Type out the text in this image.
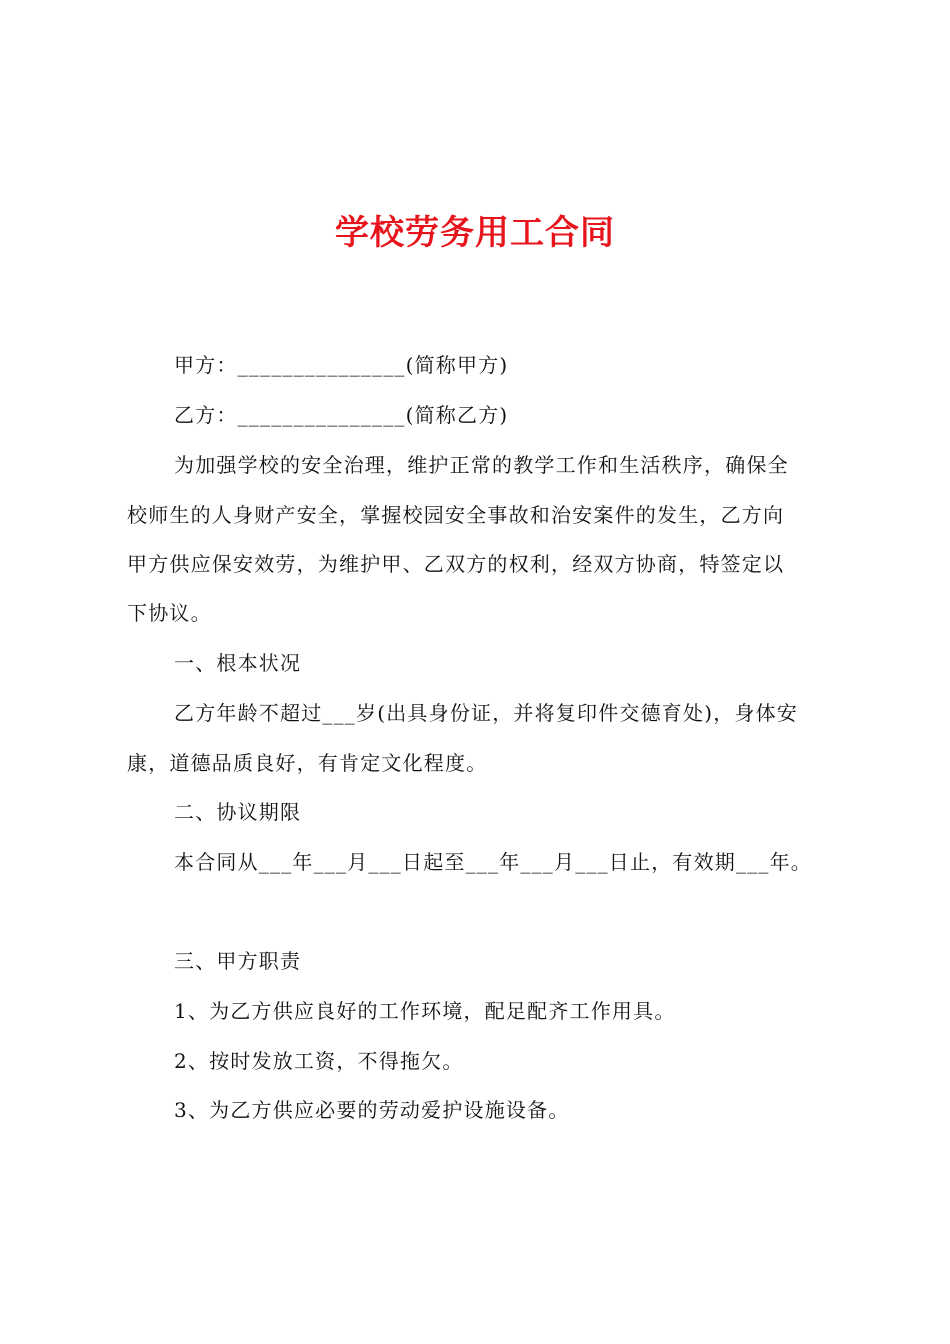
学校劳务用工合同
甲方：_______________(简称甲方)
乙方：_______________(简称乙方)
为加强学校的安全治理，维护正常的教学工作和生活秩序，确保全
校师生的人身财产安全，掌握校园安全事故和治安案件的发生，乙方向
甲方供应保安效劳，为维护甲、乙双方的权利，经双方协商，特签定以
下协议。
一、根本状况
乙方年龄不超过___岁(出具身份证，并将复印件交德育处)，身体安
康，道德品质良好，有肯定文化程度。
二、协议期限
本合同从___年___月___日起至___年___月___日止，有效期___年。
三、甲方职责
1、为乙方供应良好的工作环境，配足配齐工作用具。
2、按时发放工资，不得拖欠。
3、为乙方供应必要的劳动爱护设施设备。
